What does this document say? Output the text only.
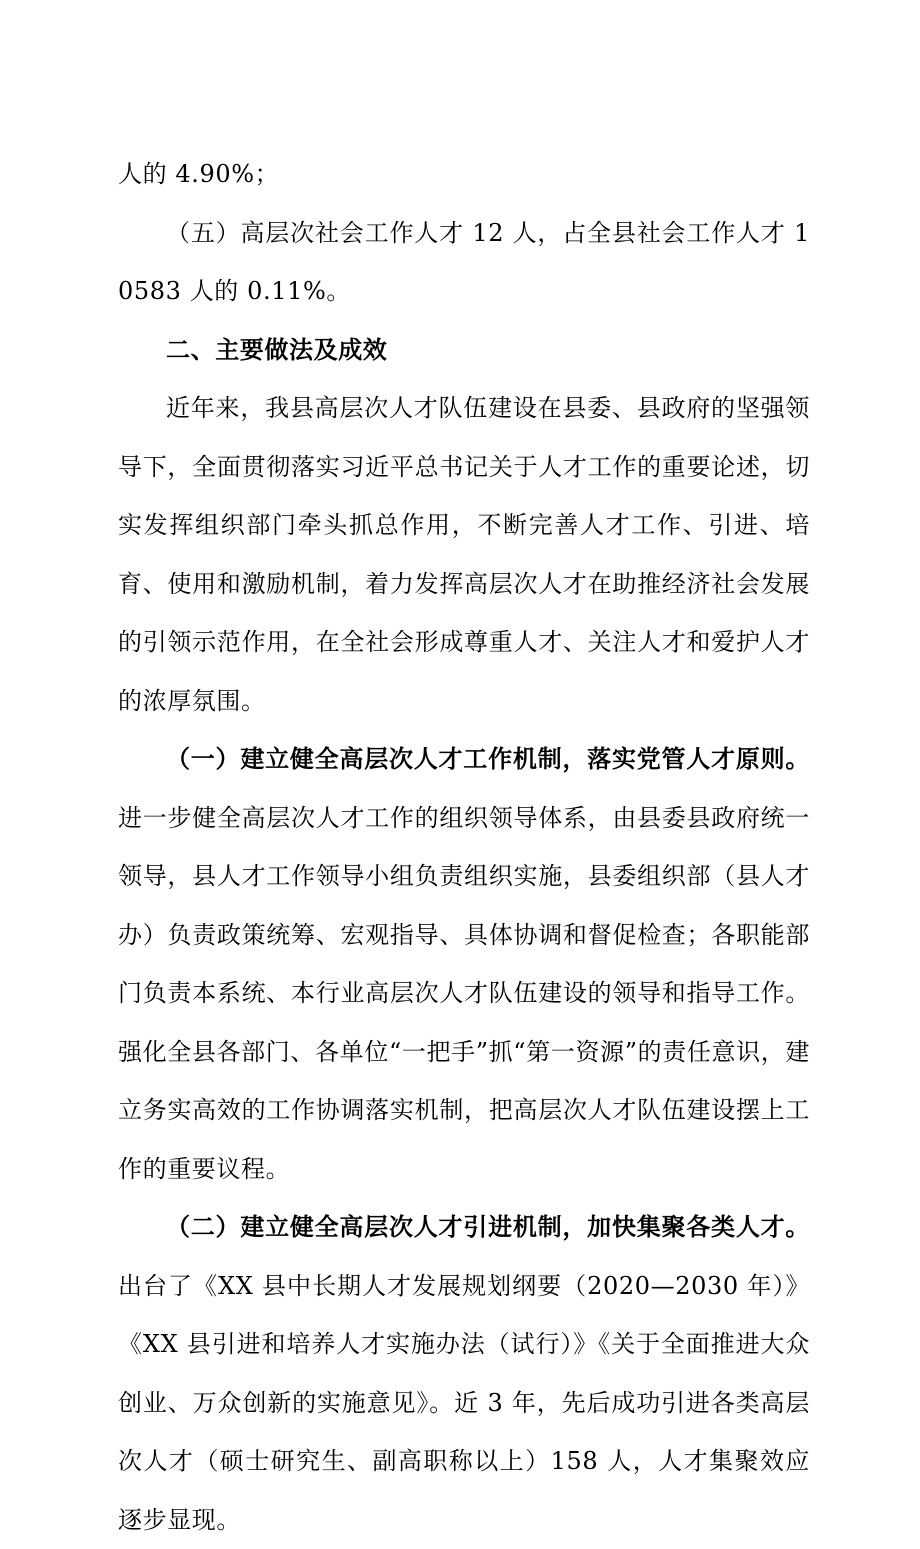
人的 4.90%；

（五）高层次社会工作人才 12 人，占全县社会工作人才 10583 人的 0.11%。

二、主要做法及成效

近年来，我县高层次人才队伍建设在县委、县政府的坚强领导下，全面贯彻落实习近平总书记关于人才工作的重要论述，切实发挥组织部门牵头抓总作用，不断完善人才工作、引进、培育、使用和激励机制，着力发挥高层次人才在助推经济社会发展的引领示范作用，在全社会形成尊重人才、关注人才和爱护人才的浓厚氛围。

（一）建立健全高层次人才工作机制，落实党管人才原则。进一步健全高层次人才工作的组织领导体系，由县委县政府统一领导，县人才工作领导小组负责组织实施，县委组织部（县人才办）负责政策统筹、宏观指导、具体协调和督促检查；各职能部门负责本系统、本行业高层次人才队伍建设的领导和指导工作。强化全县各部门、各单位“一把手”抓“第一资源”的责任意识，建立务实高效的工作协调落实机制，把高层次人才队伍建设摆上工作的重要议程。

（二）建立健全高层次人才引进机制，加快集聚各类人才。出台了《XX 县中长期人才发展规划纲要（2020—2030 年）》《XX 县引进和培养人才实施办法（试行）》《关于全面推进大众创业、万众创新的实施意见》。近 3 年，先后成功引进各类高层次人才（硕士研究生、副高职称以上）158 人，人才集聚效应逐步显现。
